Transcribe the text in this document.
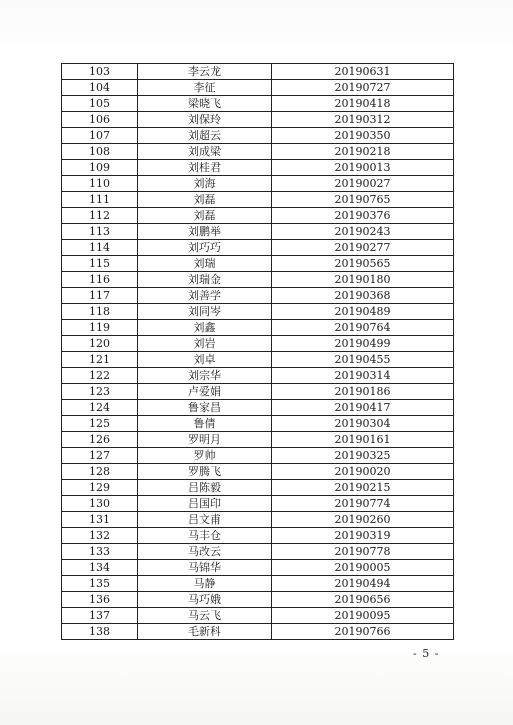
103	李云龙	20190631
104	李征	20190727
105	梁晓飞	20190418
106	刘保玲	20190312
107	刘超云	20190350
108	刘成梁	20190218
109	刘桂君	20190013
110	刘海	20190027
111	刘磊	20190765
112	刘磊	20190376
113	刘鹏举	20190243
114	刘巧巧	20190277
115	刘瑞	20190565
116	刘瑞金	20190180
117	刘善学	20190368
118	刘同岑	20190489
119	刘鑫	20190764
120	刘岩	20190499
121	刘卓	20190455
122	刘宗华	20190314
123	卢爱娟	20190186
124	鲁家昌	20190417
125	鲁倩	20190304
126	罗明月	20190161
127	罗帅	20190325
128	罗腾飞	20190020
129	吕陈毅	20190215
130	吕国印	20190774
131	吕文甫	20190260
132	马丰仓	20190319
133	马改云	20190778
134	马锦华	20190005
135	马静	20190494
136	马巧娥	20190656
137	马云飞	20190095
138	毛新科	20190766
- 5 -
